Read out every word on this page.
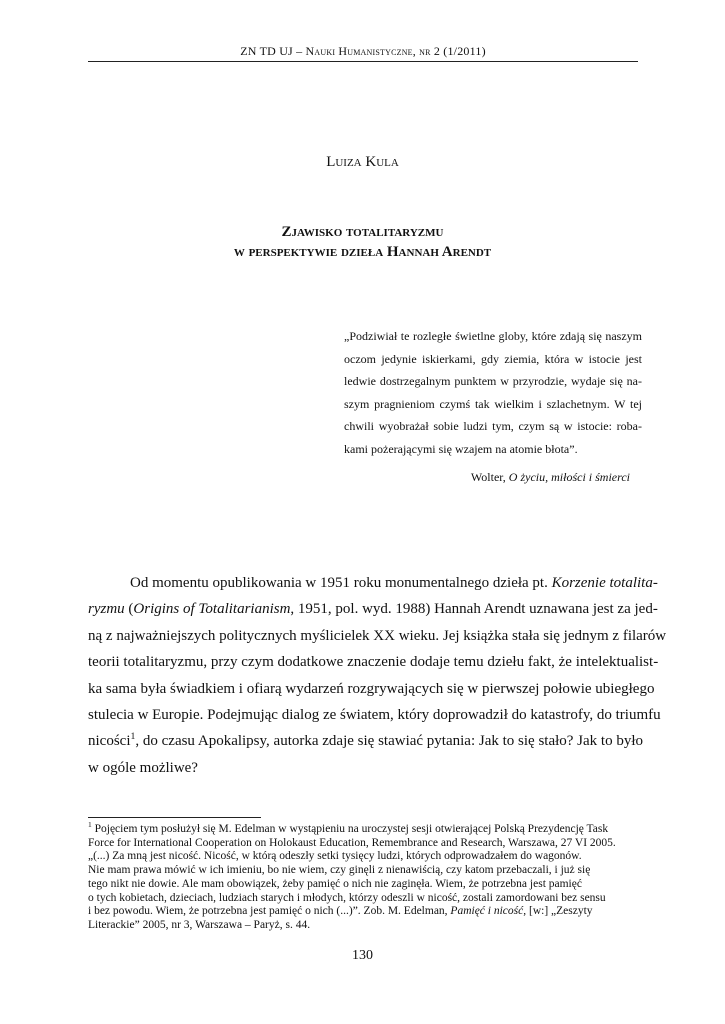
ZN TD UJ – Nauki Humanistyczne, nr 2 (1/2011)
Luiza Kula
Zjawisko totalitaryzmu
w perspektywie dzieła Hannah Arendt
„Podziwiał te rozległe świetlne globy, które zdają się naszym
oczom jedynie iskierkami, gdy ziemia, która w istocie jest
ledwie dostrzegalnym punktem w przyrodzie, wydaje się na-
szym pragnieniom czymś tak wielkim i szlachetnym. W tej
chwili wyobrażał sobie ludzi tym, czym są w istocie: roba-
kami pożerającymi się wzajem na atomie błota”.
Wolter, O życiu, miłości i śmierci
Od momentu opublikowania w 1951 roku monumentalnego dzieła pt. Korzenie totalita-
ryzmu (Origins of Totalitarianism, 1951, pol. wyd. 1988) Hannah Arendt uznawana jest za jed-
ną z najważniejszych politycznych myślicielek XX wieku. Jej książka stała się jednym z filarów
teorii totalitaryzmu, przy czym dodatkowe znaczenie dodaje temu dziełu fakt, że intelektualist-
ka sama była świadkiem i ofiarą wydarzeń rozgrywających się w pierwszej połowie ubiegłego
stulecia w Europie. Podejmując dialog ze światem, który doprowadził do katastrofy, do triumfu
nicości$^1$, do czasu Apokalipsy, autorka zdaje się stawiać pytania: Jak to się stało? Jak to było
w ogóle możliwe?
$^1$ Pojęciem tym posłużył się M. Edelman w wystąpieniu na uroczystej sesji otwierającej Polską Prezydencję Task
Force for International Cooperation on Holokaust Education, Remembrance and Research, Warszawa, 27 VI 2005.
„(...) Za mną jest nicość. Nicość, w którą odeszły setki tysięcy ludzi, których odprowadzałem do wagonów.
Nie mam prawa mówić w ich imieniu, bo nie wiem, czy ginęli z nienawiścią, czy katom przebaczali, i już się
tego nikt nie dowie. Ale mam obowiązek, żeby pamięć o nich nie zaginęła. Wiem, że potrzebna jest pamięć
o tych kobietach, dzieciach, ludziach starych i młodych, którzy odeszli w nicość, zostali zamordowani bez sensu
i bez powodu. Wiem, że potrzebna jest pamięć o nich (...)”. Zob. M. Edelman, Pamięć i nicość, [w:] „Zeszyty
Literackie” 2005, nr 3, Warszawa – Paryż, s. 44.
130
